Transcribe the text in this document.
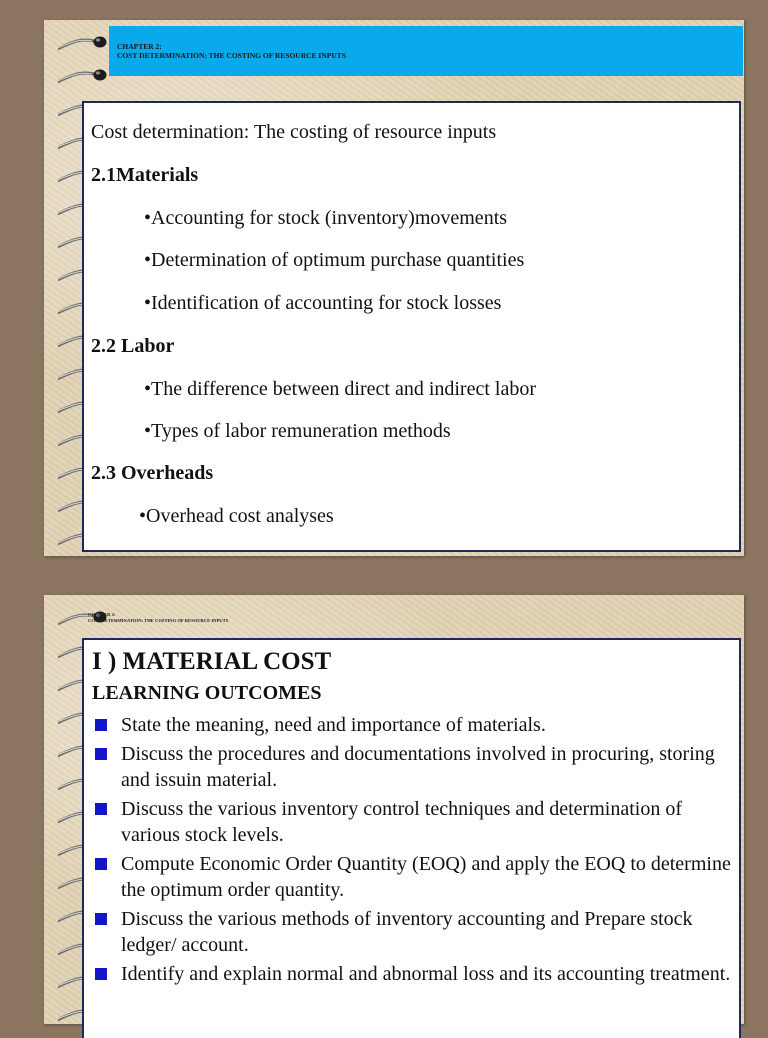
CHAPTER 2:
COST DETERMINATION: THE COSTING OF RESOURCE INPUTS
Cost determination: The costing of resource inputs
2.1Materials
•Accounting for stock (inventory)movements
•Determination of optimum purchase quantities
•Identification of accounting for stock losses
2.2 Labor
•The difference between direct and indirect labor
•Types of labor remuneration methods
2.3 Overheads
•Overhead cost analyses
CHAPTER 2:
COST DETERMINATION: THE COSTING OF RESOURCE INPUTS
I ) MATERIAL COST
LEARNING OUTCOMES
State the meaning, need and importance of materials.
Discuss the procedures and documentations involved in procuring, storing and issuin material.
Discuss the various inventory control techniques and determination of various stock levels.
Compute Economic Order Quantity (EOQ) and apply the EOQ to determine the optimum order quantity.
Discuss the various methods of inventory accounting and Prepare stock ledger/ account.
Identify and explain normal and abnormal loss and its accounting treatment.
